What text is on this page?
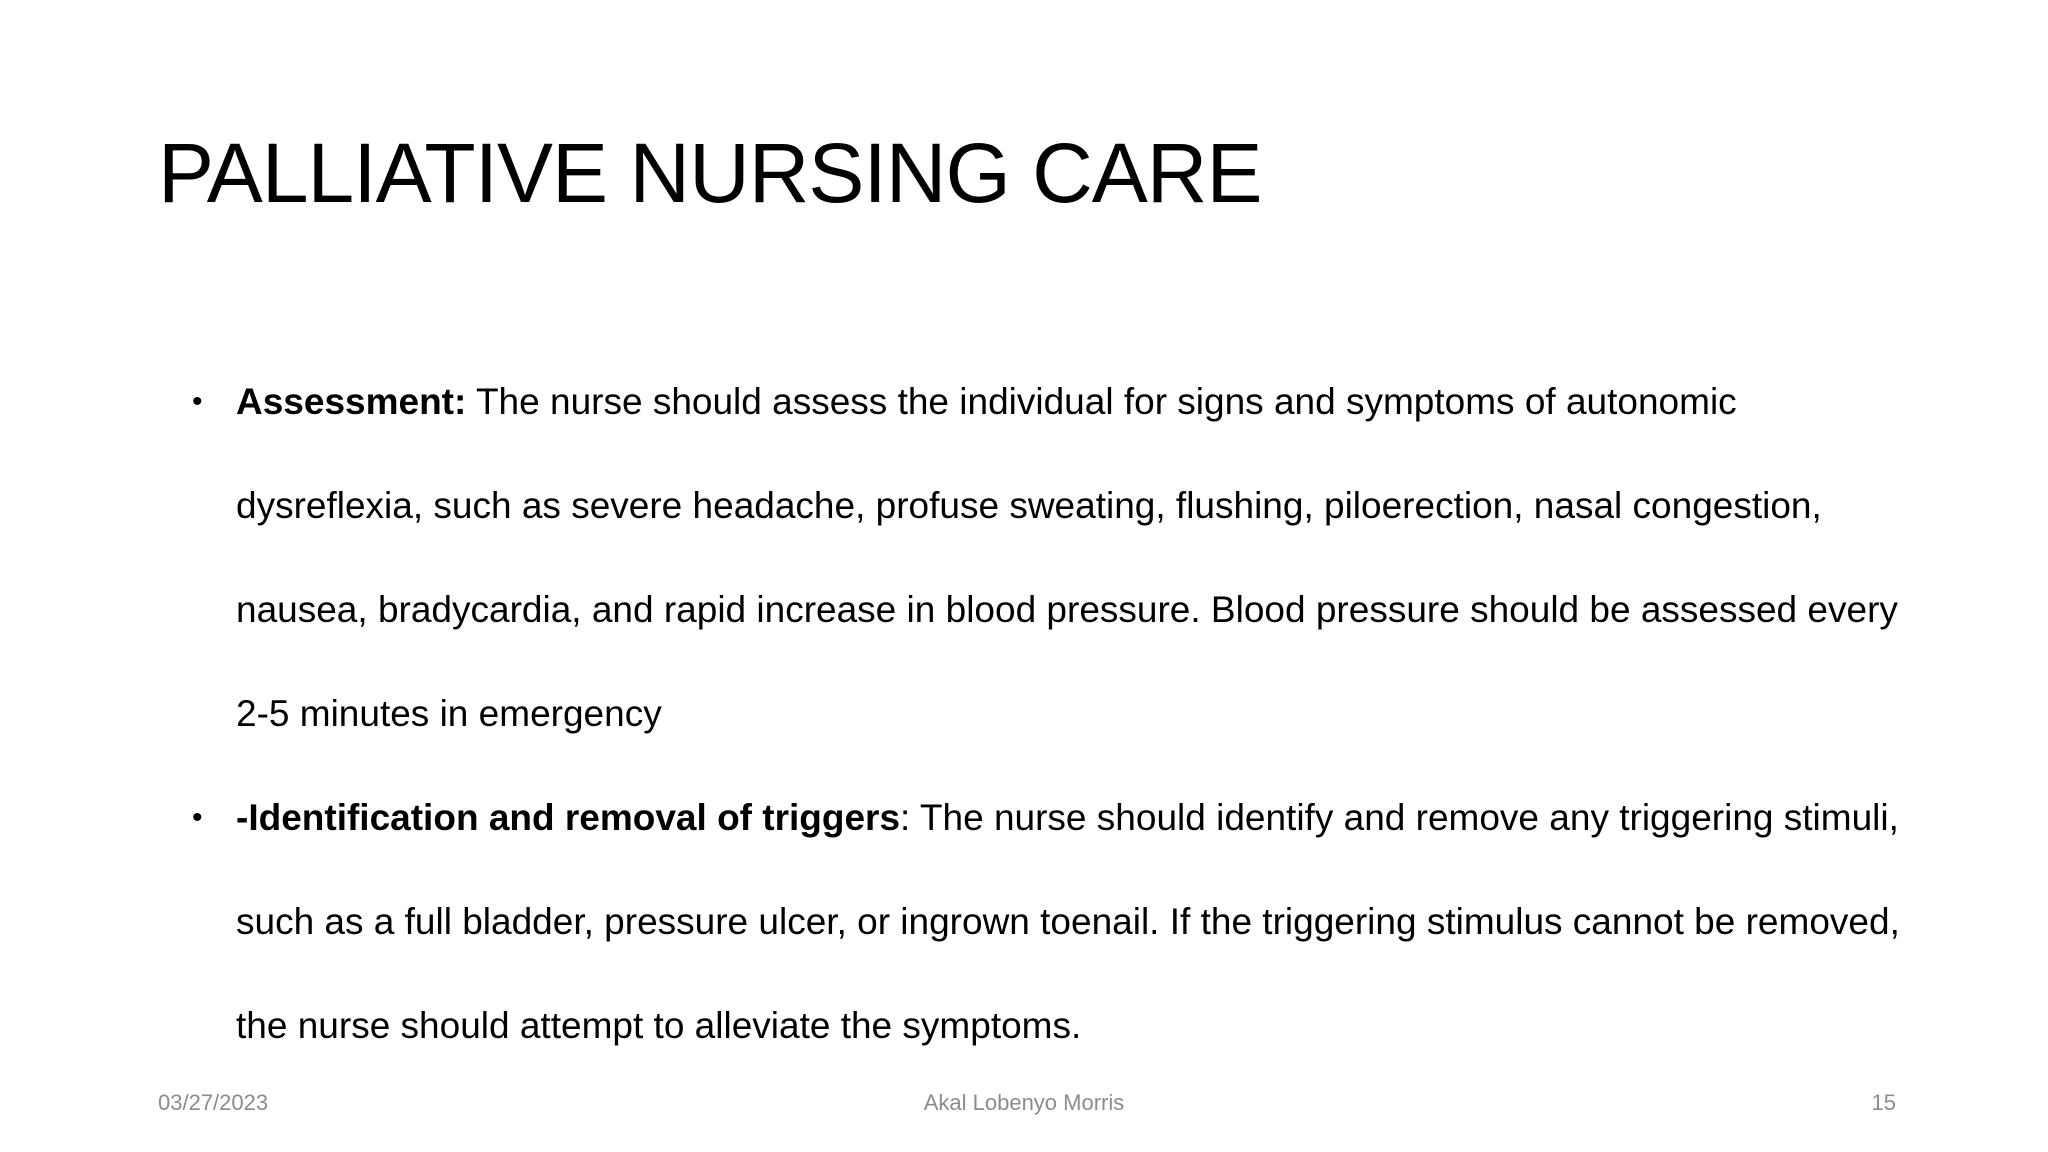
PALLIATIVE NURSING CARE
• Assessment: The nurse should assess the individual for signs and symptoms of autonomic dysreflexia, such as severe headache, profuse sweating, flushing, piloerection, nasal congestion, nausea, bradycardia, and rapid increase in blood pressure. Blood pressure should be assessed every 2-5 minutes in emergency
• -Identification and removal of triggers: The nurse should identify and remove any triggering stimuli, such as a full bladder, pressure ulcer, or ingrown toenail. If the triggering stimulus cannot be removed, the nurse should attempt to alleviate the symptoms.
03/27/2023	Akal Lobenyo Morris	15
